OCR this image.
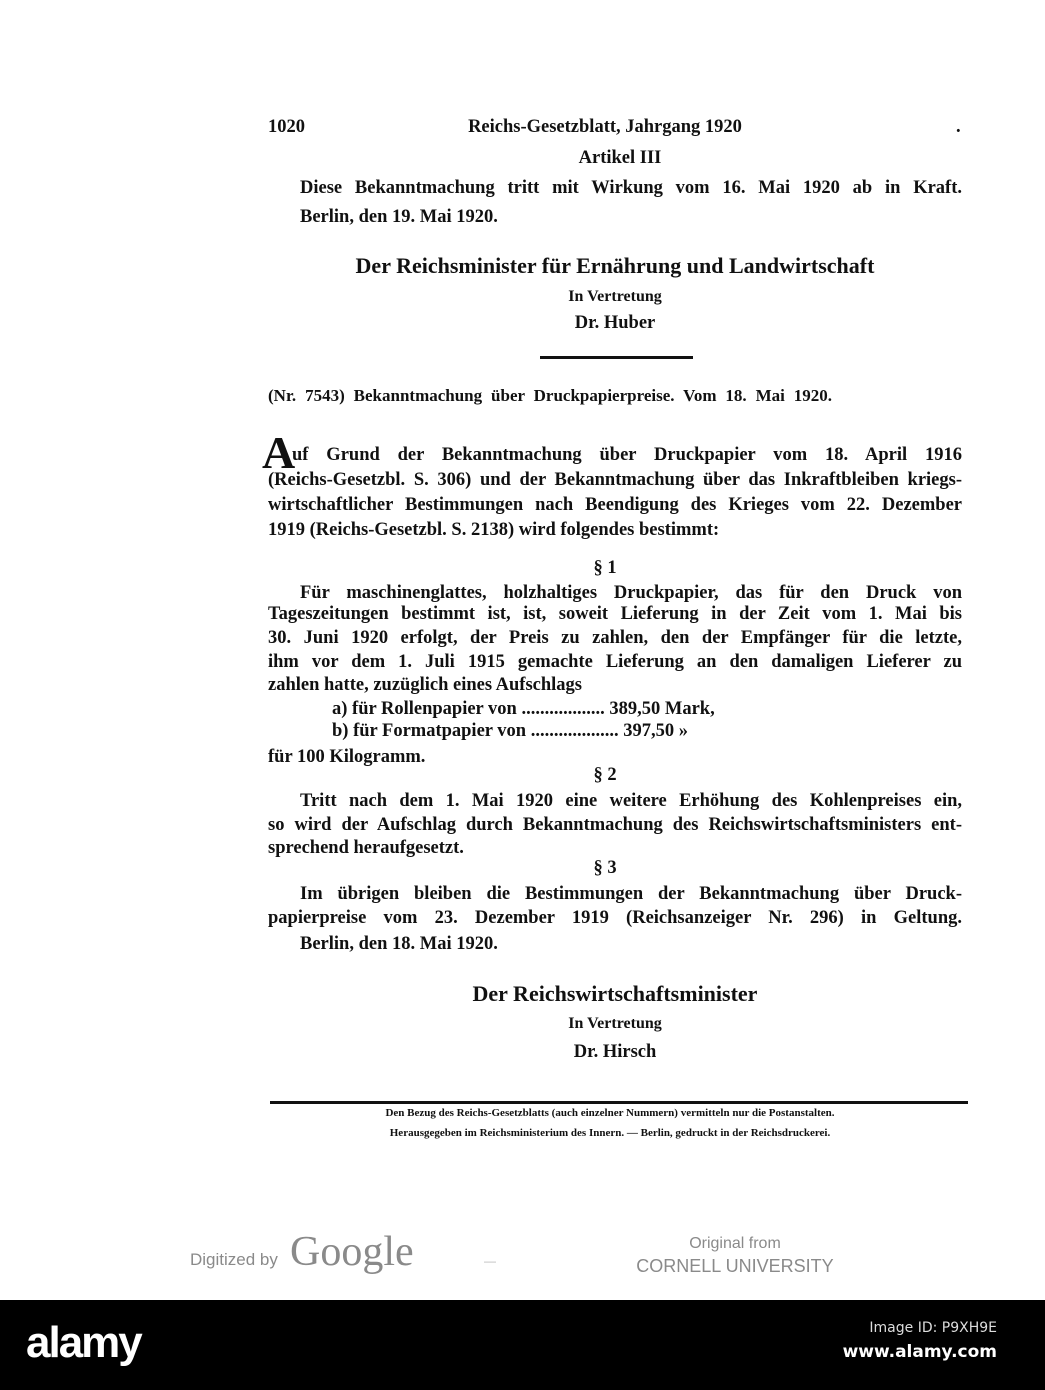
1020	Reichs-Gesetzblatt, Jahrgang 1920	.
Artikel III
Diese Bekanntmachung tritt mit Wirkung vom 16. Mai 1920 ab in Kraft.
Berlin, den 19. Mai 1920.
Der Reichsminister für Ernährung und Landwirtschaft
In Vertretung
Dr. Huber
(Nr. 7543) Bekanntmachung über Druckpapierpreise. Vom 18. Mai 1920.
A
uf Grund der Bekanntmachung über Druckpapier vom 18. April 1916
(Reichs-Gesetzbl. S. 306) und der Bekanntmachung über das Inkraftbleiben kriegs-
wirtschaftlicher Bestimmungen nach Beendigung des Krieges vom 22. Dezember
1919 (Reichs-Gesetzbl. S. 2138) wird folgendes bestimmt:
§ 1
Für maschinenglattes, holzhaltiges Druckpapier, das für den Druck von
Tageszeitungen bestimmt ist, ist, soweit Lieferung in der Zeit vom 1. Mai bis
30. Juni 1920 erfolgt, der Preis zu zahlen, den der Empfänger für die letzte,
ihm vor dem 1. Juli 1915 gemachte Lieferung an den damaligen Lieferer zu
zahlen hatte, zuzüglich eines Aufschlags
a) für Rollenpapier von .................. 389,50 Mark,
b) für Formatpapier von ................... 397,50 »
für 100 Kilogramm.
§ 2
Tritt nach dem 1. Mai 1920 eine weitere Erhöhung des Kohlenpreises ein,
so wird der Aufschlag durch Bekanntmachung des Reichswirtschaftsministers ent-
sprechend heraufgesetzt.
§ 3
Im übrigen bleiben die Bestimmungen der Bekanntmachung über Druck-
papierpreise vom 23. Dezember 1919 (Reichsanzeiger Nr. 296) in Geltung.
Berlin, den 18. Mai 1920.
Der Reichswirtschaftsminister
In Vertretung
Dr. Hirsch
Den Bezug des Reichs-Gesetzblatts (auch einzelner Nummern) vermitteln nur die Postanstalten.
Herausgegeben im Reichsministerium des Innern. — Berlin, gedruckt in der Reichsdruckerei.
Digitized by Google	—
Original from
CORNELL UNIVERSITY
alamy	Image ID: P9XH9E
www.alamy.com
